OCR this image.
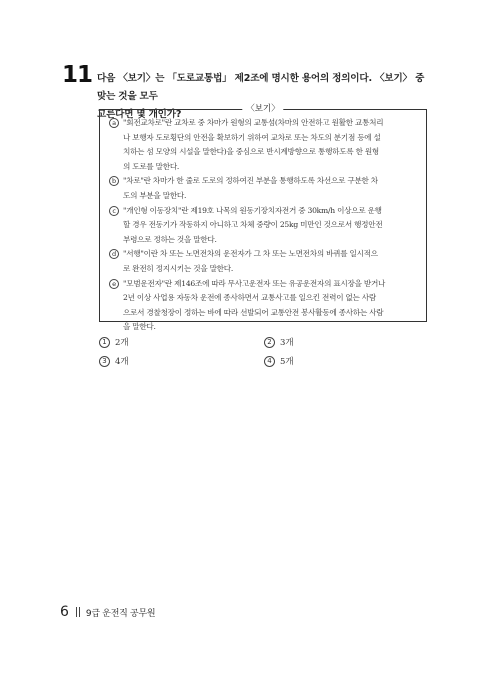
11 다음 〈보기〉는 「도로교통법」 제2조에 명시한 용어의 정의이다. 〈보기〉 중 맞는 것을 모두
고른다면 몇 개인가?	〈보기〉
a "회전교차로"란 교차로 중 차마가 원형의 교통섬(차마의 안전하고 원활한 교통처리
나 보행자 도로횡단의 안전을 확보하기 위하여 교차로 또는 차도의 분기점 등에 설
치하는 섬 모양의 시설을 말한다)을 중심으로 반시계방향으로 통행하도록 한 원형
의 도로를 말한다.
b "차로"란 차마가 한 줄로 도로의 정하여진 부분을 통행하도록 차선으로 구분한 차
도의 부분을 말한다.
c "개인형 이동장치"란 제19호 나목의 원동기장치자전거 중 30km/h 이상으로 운행
할 경우 전동기가 작동하지 아니하고 차체 중량이 25kg 미만인 것으로서 행정안전
부령으로 정하는 것을 말한다.
d "서행"이란 차 또는 노면전차의 운전자가 그 차 또는 노면전차의 바퀴를 일시적으
로 완전히 정지시키는 것을 말한다.
e "모범운전자"란 제146조에 따라 무사고운전자 또는 유공운전자의 표시장을 받거나
2년 이상 사업용 자동차 운전에 종사하면서 교통사고를 일으킨 전력이 없는 사람
으로서 경찰청장이 정하는 바에 따라 선발되어 교통안전 봉사활동에 종사하는 사람
을 말한다.
1 2개	2 3개
3 4개	4 5개
6 9급 운전직 공무원
